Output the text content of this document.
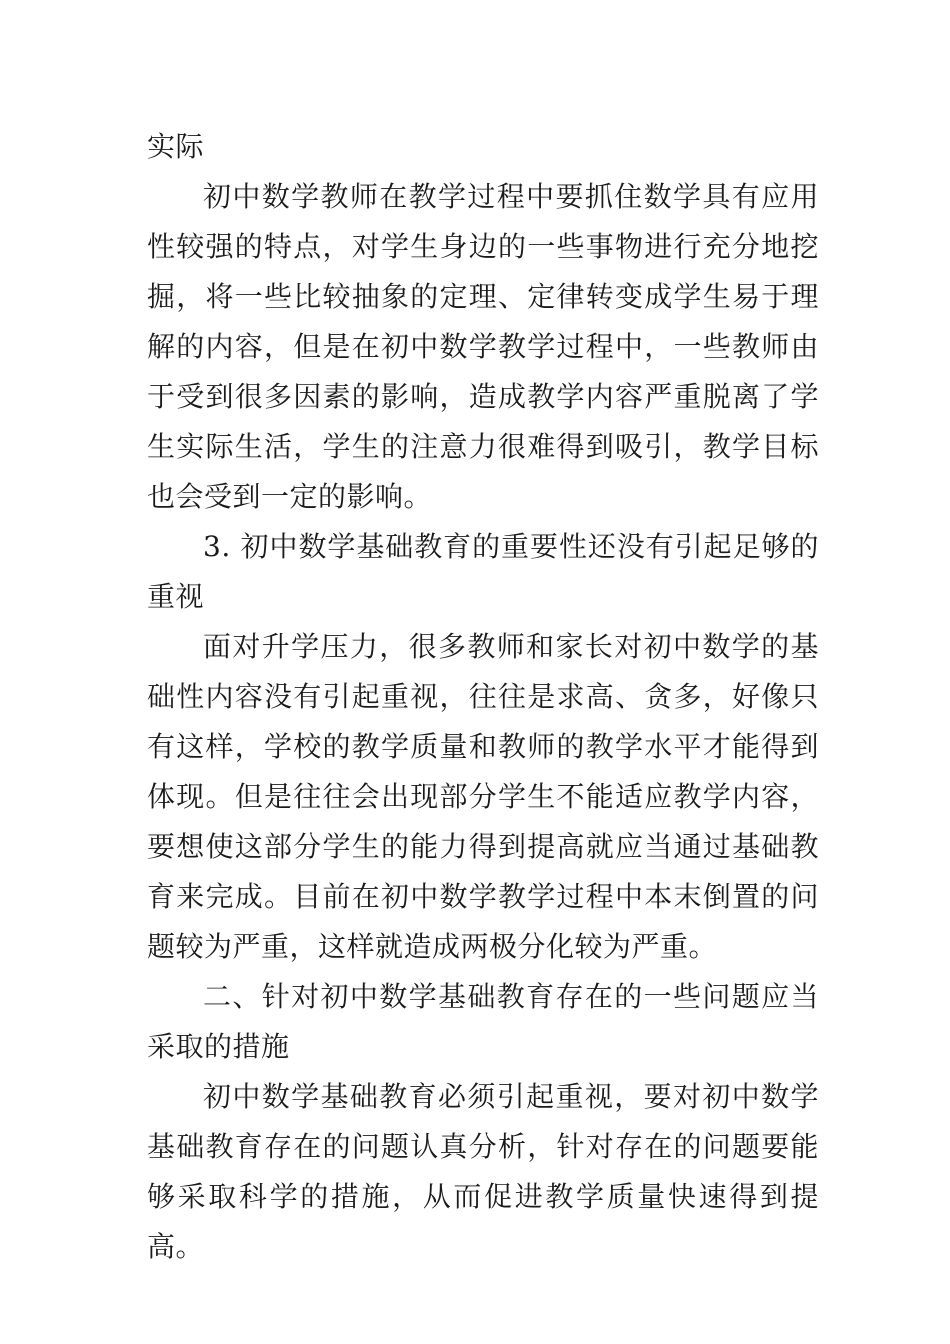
实际

初中数学教师在教学过程中要抓住数学具有应用性较强的特点，对学生身边的一些事物进行充分地挖掘，将一些比较抽象的定理、定律转变成学生易于理解的内容，但是在初中数学教学过程中，一些教师由于受到很多因素的影响，造成教学内容严重脱离了学生实际生活，学生的注意力很难得到吸引，教学目标也会受到一定的影响。

3. 初中数学基础教育的重要性还没有引起足够的重视

面对升学压力，很多教师和家长对初中数学的基础性内容没有引起重视，往往是求高、贪多，好像只有这样，学校的教学质量和教师的教学水平才能得到体现。但是往往会出现部分学生不能适应教学内容，要想使这部分学生的能力得到提高就应当通过基础教育来完成。目前在初中数学教学过程中本末倒置的问题较为严重，这样就造成两极分化较为严重。

二、针对初中数学基础教育存在的一些问题应当采取的措施

初中数学基础教育必须引起重视，要对初中数学基础教育存在的问题认真分析，针对存在的问题要能够采取科学的措施，从而促进教学质量快速得到提高。
